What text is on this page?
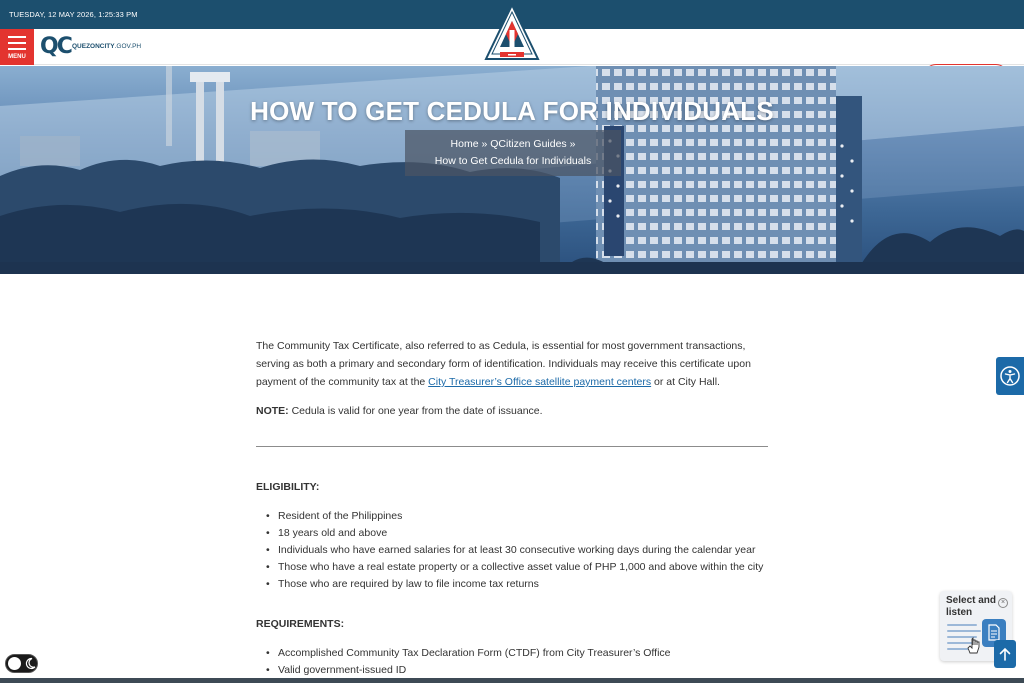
TUESDAY, 12 MAY 2026, 1:25:33 PM
MENU QC QUEZONCITY.GOV.PH
Search..
HOW TO GET CEDULA FOR INDIVIDUALS
Home » QCitizen Guides »
How to Get Cedula for Individuals

The Community Tax Certificate, also referred to as Cedula, is essential for most government transactions, serving as both a primary and secondary form of identification. Individuals may receive this certificate upon payment of the community tax at the City Treasurer’s Office satellite payment centers or at City Hall.

NOTE: Cedula is valid for one year from the date of issuance.

ELIGIBILITY:
• Resident of the Philippines
• 18 years old and above
• Individuals who have earned salaries for at least 30 consecutive working days during the calendar year
• Those who have a real estate property or a collective asset value of PHP 1,000 and above within the city
• Those who are required by law to file income tax returns
REQUIREMENTS:
• Accomplished Community Tax Declaration Form (CTDF) from City Treasurer’s Office
• Valid government-issued ID
Select and listen
×
